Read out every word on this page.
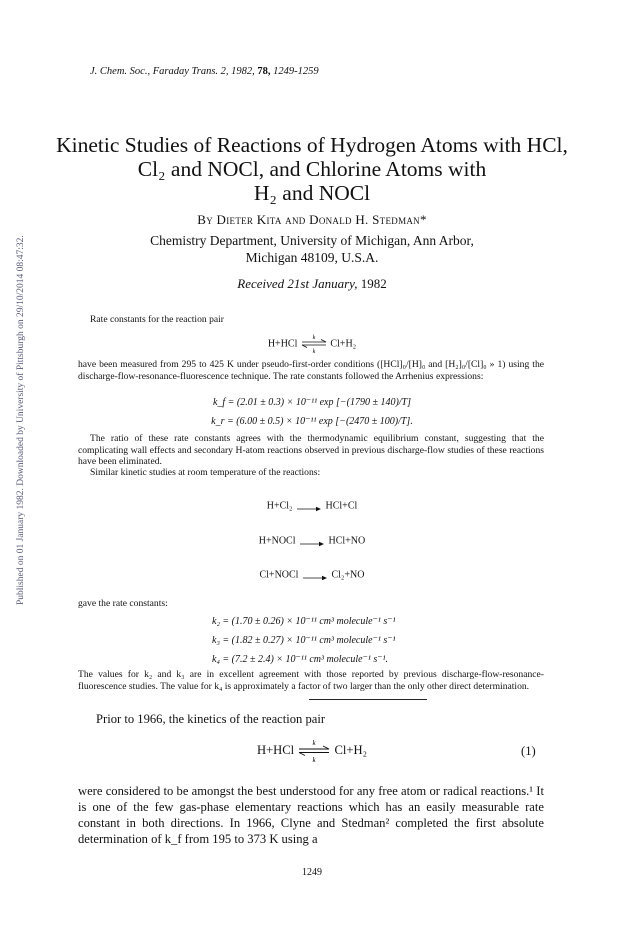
Published on 01 January 1982. Downloaded by University of Pittsburgh on 29/10/2014 08:47:32.
J. Chem. Soc., Faraday Trans. 2, 1982, 78, 1249-1259
Kinetic Studies of Reactions of Hydrogen Atoms with HCl,
Cl₂ and NOCl, and Chlorine Atoms with
H₂ and NOCl
By Dieter Kita and Donald H. Stedman*
Chemistry Department, University of Michigan, Ann Arbor,
Michigan 48109, U.S.A.
Received 21st January, 1982
Rate constants for the reaction pair
H+HCl
k
k
Cl+H₂
have been measured from 295 to 425 K under pseudo-first-order conditions ([HCl]₀/[H]₀ and [H₂]₀/[Cl]₀ » 1) using the discharge-flow-resonance-fluorescence technique. The rate constants followed the Arrhenius expressions:
k_f = (2.01 ± 0.3) × 10⁻¹¹ exp [−(1790 ± 140)/T]
k_r = (6.00 ± 0.5) × 10⁻¹¹ exp [−(2470 ± 100)/T].
The ratio of these rate constants agrees with the thermodynamic equilibrium constant, suggesting that the complicating wall effects and secondary H-atom reactions observed in previous discharge-flow studies of these reactions have been eliminated.
Similar kinetic studies at room temperature of the reactions:
H+Cl₂	HCl+Cl
H+NOCl	HCl+NO
Cl+NOCl	Cl₂+NO
gave the rate constants:
k₂ = (1.70 ± 0.26) × 10⁻¹¹ cm³ molecule⁻¹ s⁻¹
k₃ = (1.82 ± 0.27) × 10⁻¹¹ cm³ molecule⁻¹ s⁻¹
k₄ = (7.2 ± 2.4) × 10⁻¹¹ cm³ molecule⁻¹ s⁻¹.
The values for k₂ and k₃ are in excellent agreement with those reported by previous discharge-flow-resonance-fluorescence studies. The value for k₄ is approximately a factor of two larger than the only other direct determination.
Prior to 1966, the kinetics of the reaction pair
H+HCl	k
k
Cl+H₂	(1)
were considered to be amongst the best understood for any free atom or radical reactions.¹ It is one of the few gas-phase elementary reactions which has an easily measurable rate constant in both directions. In 1966, Clyne and Stedman² completed the first absolute determination of k_f from 195 to 373 K using a
1249
